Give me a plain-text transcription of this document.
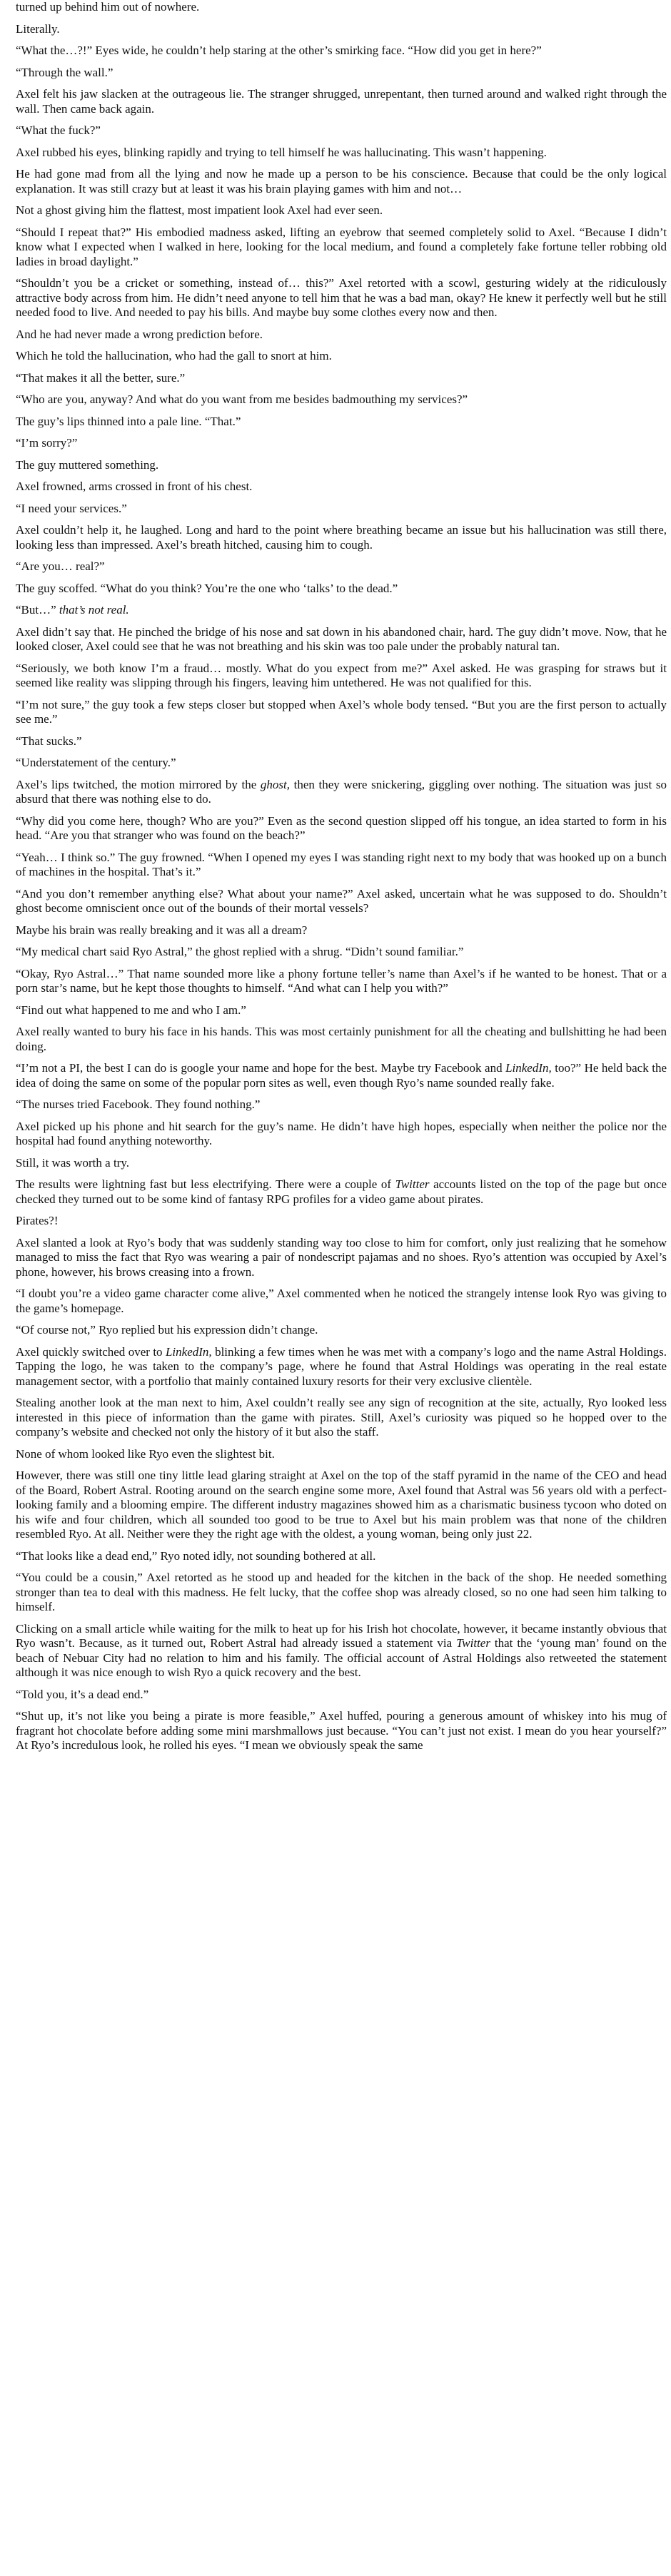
turned up behind him out of nowhere.

Literally.

“What the…?!” Eyes wide, he couldn’t help staring at the other’s smirking face. “How did you get in here?”

“Through the wall.”

Axel felt his jaw slacken at the outrageous lie. The stranger shrugged, unrepentant, then turned around and walked right through the wall. Then came back again.

“What the fuck?”

Axel rubbed his eyes, blinking rapidly and trying to tell himself he was hallucinating. This wasn’t happening.

He had gone mad from all the lying and now he made up a person to be his conscience. Because that could be the only logical explanation. It was still crazy but at least it was his brain playing games with him and not…

Not a ghost giving him the flattest, most impatient look Axel had ever seen.

“Should I repeat that?” His embodied madness asked, lifting an eyebrow that seemed completely solid to Axel. “Because I didn’t know what I expected when I walked in here, looking for the local medium, and found a completely fake fortune teller robbing old ladies in broad daylight.”

“Shouldn’t you be a cricket or something, instead of… this?” Axel retorted with a scowl, gesturing widely at the ridiculously attractive body across from him. He didn’t need anyone to tell him that he was a bad man, okay? He knew it perfectly well but he still needed food to live. And needed to pay his bills. And maybe buy some clothes every now and then.

And he had never made a wrong prediction before.

Which he told the hallucination, who had the gall to snort at him.

“That makes it all the better, sure.”

“Who are you, anyway? And what do you want from me besides badmouthing my services?”

The guy’s lips thinned into a pale line. “That.”

“I’m sorry?”

The guy muttered something.

Axel frowned, arms crossed in front of his chest.

“I need your services.”

Axel couldn’t help it, he laughed. Long and hard to the point where breathing became an issue but his hallucination was still there, looking less than impressed. Axel’s breath hitched, causing him to cough.

“Are you… real?”

The guy scoffed. “What do you think? You’re the one who ‘talks’ to the dead.”

“But…” that’s not real.

Axel didn’t say that. He pinched the bridge of his nose and sat down in his abandoned chair, hard. The guy didn’t move. Now, that he looked closer, Axel could see that he was not breathing and his skin was too pale under the probably natural tan.

“Seriously, we both know I’m a fraud… mostly. What do you expect from me?” Axel asked. He was grasping for straws but it seemed like reality was slipping through his fingers, leaving him untethered. He was not qualified for this.

“I’m not sure,” the guy took a few steps closer but stopped when Axel’s whole body tensed. “But you are the first person to actually see me.”

“That sucks.”

“Understatement of the century.”

Axel’s lips twitched, the motion mirrored by the ghost, then they were snickering, giggling over nothing. The situation was just so absurd that there was nothing else to do.

“Why did you come here, though? Who are you?” Even as the second question slipped off his tongue, an idea started to form in his head. “Are you that stranger who was found on the beach?”

“Yeah… I think so.” The guy frowned. “When I opened my eyes I was standing right next to my body that was hooked up on a bunch of machines in the hospital. That’s it.”

“And you don’t remember anything else? What about your name?” Axel asked, uncertain what he was supposed to do. Shouldn’t ghost become omniscient once out of the bounds of their mortal vessels?

Maybe his brain was really breaking and it was all a dream?

“My medical chart said Ryo Astral,” the ghost replied with a shrug. “Didn’t sound familiar.”

“Okay, Ryo Astral…” That name sounded more like a phony fortune teller’s name than Axel’s if he wanted to be honest. That or a porn star’s name, but he kept those thoughts to himself. “And what can I help you with?”

“Find out what happened to me and who I am.”

Axel really wanted to bury his face in his hands. This was most certainly punishment for all the cheating and bullshitting he had been doing.

“I’m not a PI, the best I can do is google your name and hope for the best. Maybe try Facebook and LinkedIn, too?” He held back the idea of doing the same on some of the popular porn sites as well, even though Ryo’s name sounded really fake.

“The nurses tried Facebook. They found nothing.”

Axel picked up his phone and hit search for the guy’s name. He didn’t have high hopes, especially when neither the police nor the hospital had found anything noteworthy.

Still, it was worth a try.

The results were lightning fast but less electrifying. There were a couple of Twitter accounts listed on the top of the page but once checked they turned out to be some kind of fantasy RPG profiles for a video game about pirates.

Pirates?!

Axel slanted a look at Ryo’s body that was suddenly standing way too close to him for comfort, only just realizing that he somehow managed to miss the fact that Ryo was wearing a pair of nondescript pajamas and no shoes. Ryo’s attention was occupied by Axel’s phone, however, his brows creasing into a frown.

“I doubt you’re a video game character come alive,” Axel commented when he noticed the strangely intense look Ryo was giving to the game’s homepage.

“Of course not,” Ryo replied but his expression didn’t change.

Axel quickly switched over to LinkedIn, blinking a few times when he was met with a company’s logo and the name Astral Holdings. Tapping the logo, he was taken to the company’s page, where he found that Astral Holdings was operating in the real estate management sector, with a portfolio that mainly contained luxury resorts for their very exclusive clientèle.

Stealing another look at the man next to him, Axel couldn’t really see any sign of recognition at the site, actually, Ryo looked less interested in this piece of information than the game with pirates. Still, Axel’s curiosity was piqued so he hopped over to the company’s website and checked not only the history of it but also the staff.

None of whom looked like Ryo even the slightest bit.

However, there was still one tiny little lead glaring straight at Axel on the top of the staff pyramid in the name of the CEO and head of the Board, Robert Astral. Rooting around on the search engine some more, Axel found that Astral was 56 years old with a perfect-looking family and a blooming empire. The different industry magazines showed him as a charismatic business tycoon who doted on his wife and four children, which all sounded too good to be true to Axel but his main problem was that none of the children resembled Ryo. At all. Neither were they the right age with the oldest, a young woman, being only just 22.

“That looks like a dead end,” Ryo noted idly, not sounding bothered at all.

“You could be a cousin,” Axel retorted as he stood up and headed for the kitchen in the back of the shop. He needed something stronger than tea to deal with this madness. He felt lucky, that the coffee shop was already closed, so no one had seen him talking to himself.

Clicking on a small article while waiting for the milk to heat up for his Irish hot chocolate, however, it became instantly obvious that Ryo wasn’t. Because, as it turned out, Robert Astral had already issued a statement via Twitter that the ‘young man’ found on the beach of Nebuar City had no relation to him and his family. The official account of Astral Holdings also retweeted the statement although it was nice enough to wish Ryo a quick recovery and the best.

“Told you, it’s a dead end.”

“Shut up, it’s not like you being a pirate is more feasible,” Axel huffed, pouring a generous amount of whiskey into his mug of fragrant hot chocolate before adding some mini marshmallows just because. “You can’t just not exist. I mean do you hear yourself?” At Ryo’s incredulous look, he rolled his eyes. “I mean we obviously speak the same
